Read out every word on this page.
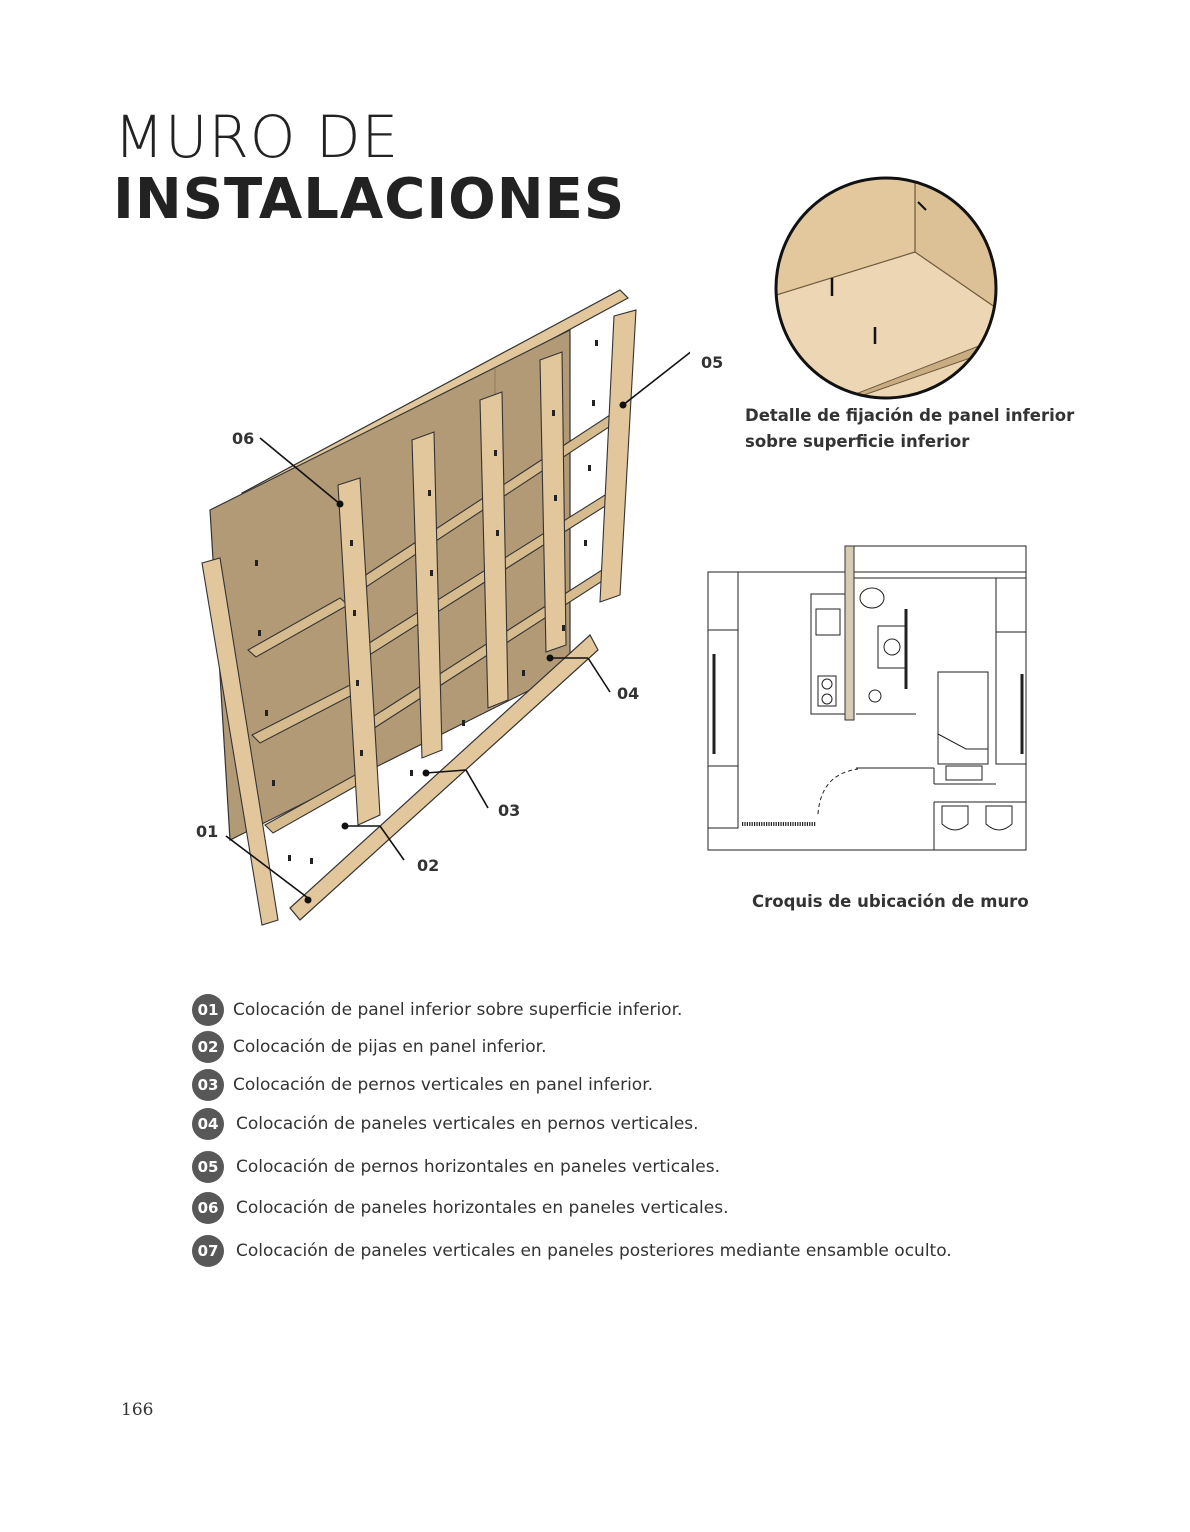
MURO DE
INSTALACIONES
01
02
03
04
05
06
Detalle de fijación de panel inferior
sobre superficie inferior
Croquis de ubicación de muro
01 Colocación de panel inferior sobre superficie inferior.
02 Colocación de pijas en panel inferior.
03 Colocación de pernos verticales en panel inferior.
04	Colocación de paneles verticales en pernos verticales.
05	Colocación de pernos horizontales en paneles verticales.
06	Colocación de paneles horizontales en paneles verticales.
07	Colocación de paneles verticales en paneles posteriores mediante ensamble oculto.
166
